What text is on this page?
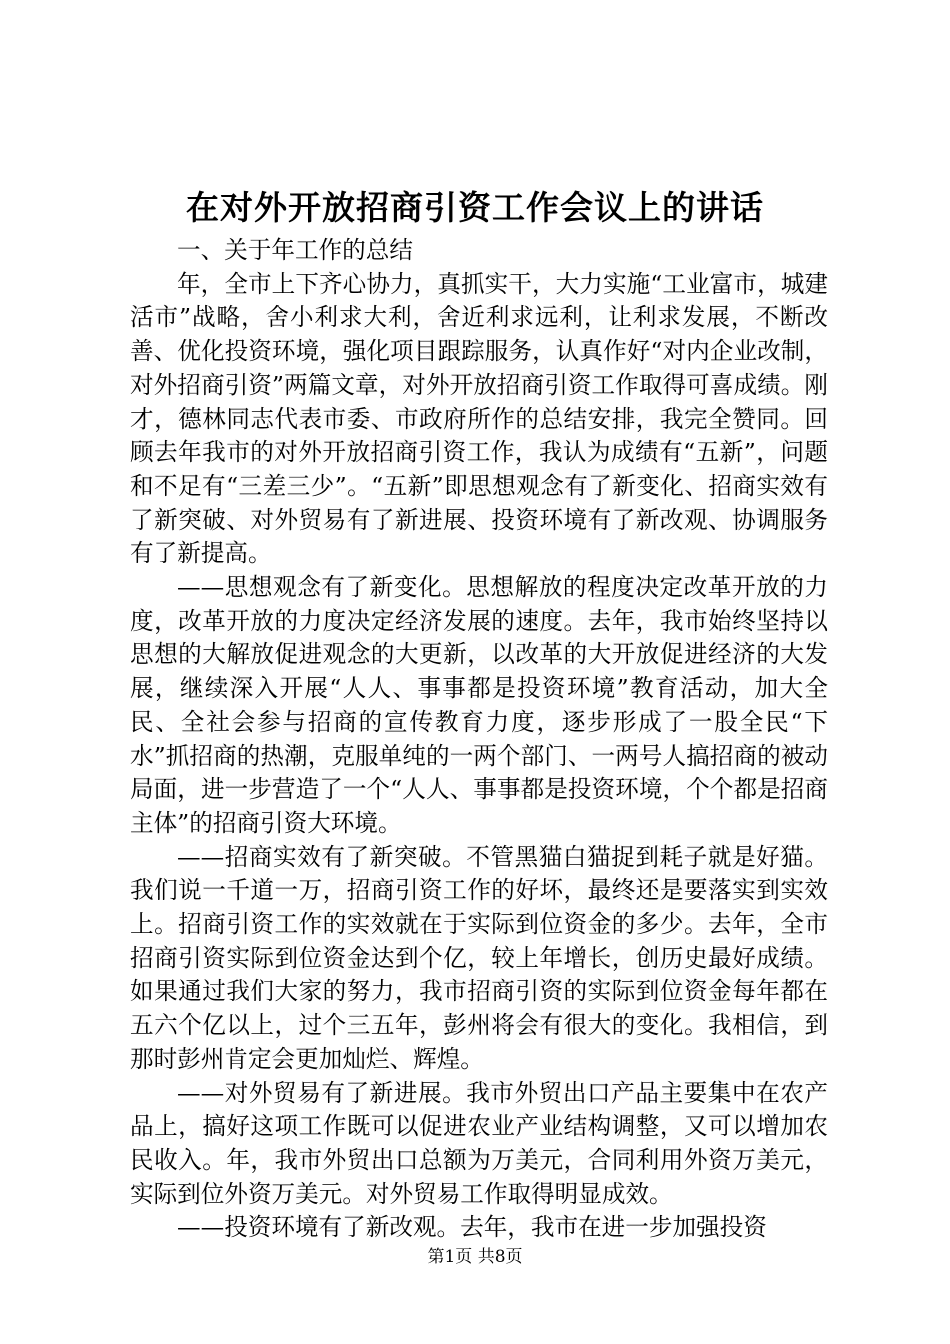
在对外开放招商引资工作会议上的讲话

一、关于年工作的总结

年，全市上下齐心协力，真抓实干，大力实施“工业富市，城建活市”战略，舍小利求大利，舍近利求远利，让利求发展，不断改善、优化投资环境，强化项目跟踪服务，认真作好“对内企业改制，对外招商引资”两篇文章，对外开放招商引资工作取得可喜成绩。刚才，德林同志代表市委、市政府所作的总结安排，我完全赞同。回顾去年我市的对外开放招商引资工作，我认为成绩有“五新”，问题和不足有“三差三少”。“五新”即思想观念有了新变化、招商实效有了新突破、对外贸易有了新进展、投资环境有了新改观、协调服务有了新提高。

——思想观念有了新变化。思想解放的程度决定改革开放的力度，改革开放的力度决定经济发展的速度。去年，我市始终坚持以思想的大解放促进观念的大更新，以改革的大开放促进经济的大发展，继续深入开展“人人、事事都是投资环境”教育活动，加大全民、全社会参与招商的宣传教育力度，逐步形成了一股全民“下水”抓招商的热潮，克服单纯的一两个部门、一两号人搞招商的被动局面，进一步营造了一个“人人、事事都是投资环境，个个都是招商主体”的招商引资大环境。

——招商实效有了新突破。不管黑猫白猫捉到耗子就是好猫。我们说一千道一万，招商引资工作的好坏，最终还是要落实到实效上。招商引资工作的实效就在于实际到位资金的多少。去年，全市招商引资实际到位资金达到个亿，较上年增长，创历史最好成绩。如果通过我们大家的努力，我市招商引资的实际到位资金每年都在五六个亿以上，过个三五年，彭州将会有很大的变化。我相信，到那时彭州肯定会更加灿烂、辉煌。

——对外贸易有了新进展。我市外贸出口产品主要集中在农产品上，搞好这项工作既可以促进农业产业结构调整，又可以增加农民收入。年，我市外贸出口总额为万美元，合同利用外资万美元，实际到位外资万美元。对外贸易工作取得明显成效。

——投资环境有了新改观。去年，我市在进一步加强投资

第1页 共8页
